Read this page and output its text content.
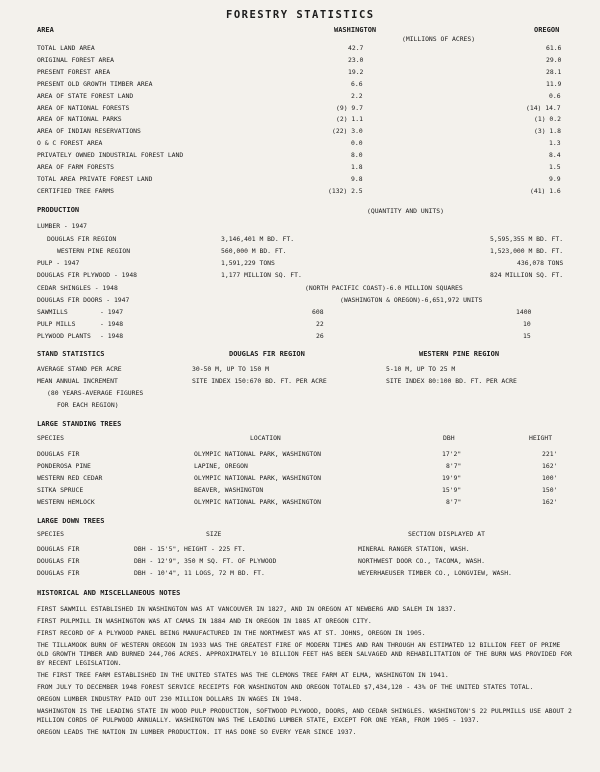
FORESTRY STATISTICS
AREA	WASHINGTON	OREGON
(MILLIONS OF ACRES)
TOTAL LAND AREA	42.7	61.6
ORIGINAL FOREST AREA	23.0	29.0
PRESENT FOREST AREA	19.2	28.1
PRESENT OLD GROWTH TIMBER AREA	6.6	11.9
AREA OF STATE FOREST LAND	2.2	0.6
AREA OF NATIONAL FORESTS	(9) 9.7	(14) 14.7
AREA OF NATIONAL PARKS	(2) 1.1	(1) 0.2
AREA OF INDIAN RESERVATIONS	(22) 3.0	(3) 1.8
O & C FOREST AREA	0.0	1.3
PRIVATELY OWNED INDUSTRIAL FOREST LAND	8.0	8.4
AREA OF FARM FORESTS	1.8	1.5
TOTAL AREA PRIVATE FOREST LAND	9.8	9.9
CERTIFIED TREE FARMS	(132) 2.5	(41) 1.6
PRODUCTION	(QUANTITY AND UNITS)
LUMBER - 1947
DOUGLAS FIR REGION	3,146,401 M BD. FT.	5,595,355 M BD. FT.
WESTERN PINE REGION	560,000 M BD. FT.	1,523,000 M BD. FT.
PULP - 1947	1,591,229 TONS	436,078 TONS
DOUGLAS FIR PLYWOOD - 1948	1,177 MILLION SQ. FT.	824 MILLION SQ. FT.
CEDAR SHINGLES - 1948	(NORTH PACIFIC COAST)-6.0 MILLION SQUARES
DOUGLAS FIR DOORS - 1947	(WASHINGTON & OREGON)-6,651,972 UNITS
SAWMILLS	- 1947	608	1400
PULP MILLS	- 1948	22	10
PLYWOOD PLANTS - 1948	26	15
STAND STATISTICS	DOUGLAS FIR REGION	WESTERN PINE REGION
AVERAGE STAND PER ACRE	30-50 M, UP TO 150 M	5-10 M, UP TO 25 M
MEAN ANNUAL INCREMENT	SITE INDEX 150:670 BD. FT. PER ACRE	SITE INDEX 80:100 BD. FT. PER ACRE
(80 YEARS-AVERAGE FIGURES
FOR EACH REGION)
LARGE STANDING TREES
SPECIES	LOCATION	DBH	HEIGHT
DOUGLAS FIR	OLYMPIC NATIONAL PARK, WASHINGTON	17'2"	221'
PONDEROSA PINE	LAPINE, OREGON	8'7"	162'
WESTERN RED CEDAR	OLYMPIC NATIONAL PARK, WASHINGTON	19'9"	100'
SITKA SPRUCE	BEAVER, WASHINGTON	15'9"	150'
WESTERN HEMLOCK	OLYMPIC NATIONAL PARK, WASHINGTON	8'7"	162'
LARGE DOWN TREES
SPECIES	SIZE	SECTION DISPLAYED AT
DOUGLAS FIR	DBH - 15'5", HEIGHT - 225 FT.	MINERAL RANGER STATION, WASH.
DOUGLAS FIR	DBH - 12'9", 350 M SQ. FT. OF PLYWOOD	NORTHWEST DOOR CO., TACOMA, WASH.
DOUGLAS FIR	DBH - 10'4", 11 LOGS, 72 M BD. FT.	WEYERHAEUSER TIMBER CO., LONGVIEW, WASH.
HISTORICAL AND MISCELLANEOUS NOTES
FIRST SAWMILL ESTABLISHED IN WASHINGTON WAS AT VANCOUVER IN 1827, AND IN OREGON AT NEWBERG AND SALEM IN 1837.
FIRST PULPMILL IN WASHINGTON WAS AT CAMAS IN 1884 AND IN OREGON IN 1885 AT OREGON CITY.
FIRST RECORD OF A PLYWOOD PANEL BEING MANUFACTURED IN THE NORTHWEST WAS AT ST. JOHNS, OREGON IN 1905.
THE TILLAMOOK BURN OF WESTERN OREGON IN 1933 WAS THE GREATEST FIRE OF MODERN TIMES AND RAN THROUGH AN ESTIMATED 12 BILLION FEET OF PRIME OLD GROWTH TIMBER AND BURNED 244,706 ACRES. APPROXIMATELY 10 BILLION FEET HAS BEEN SALVAGED AND REHABILITATION OF THE BURN WAS PROVIDED FOR BY RECENT LEGISLATION.
THE FIRST TREE FARM ESTABLISHED IN THE UNITED STATES WAS THE CLEMONS TREE FARM AT ELMA, WASHINGTON IN 1941.
FROM JULY TO DECEMBER 1948 FOREST SERVICE RECEIPTS FOR WASHINGTON AND OREGON TOTALED $7,434,120 - 43% OF THE UNITED STATES TOTAL.
OREGON LUMBER INDUSTRY PAID OUT 230 MILLION DOLLARS IN WAGES IN 1948.
WASHINGTON IS THE LEADING STATE IN WOOD PULP PRODUCTION, SOFTWOOD PLYWOOD, DOORS, AND CEDAR SHINGLES. WASHINGTON'S 22 PULPMILLS USE ABOUT 2 MILLION CORDS OF PULPWOOD ANNUALLY. WASHINGTON WAS THE LEADING LUMBER STATE, EXCEPT FOR ONE YEAR, FROM 1905 - 1937.
OREGON LEADS THE NATION IN LUMBER PRODUCTION. IT HAS DONE SO EVERY YEAR SINCE 1937.
